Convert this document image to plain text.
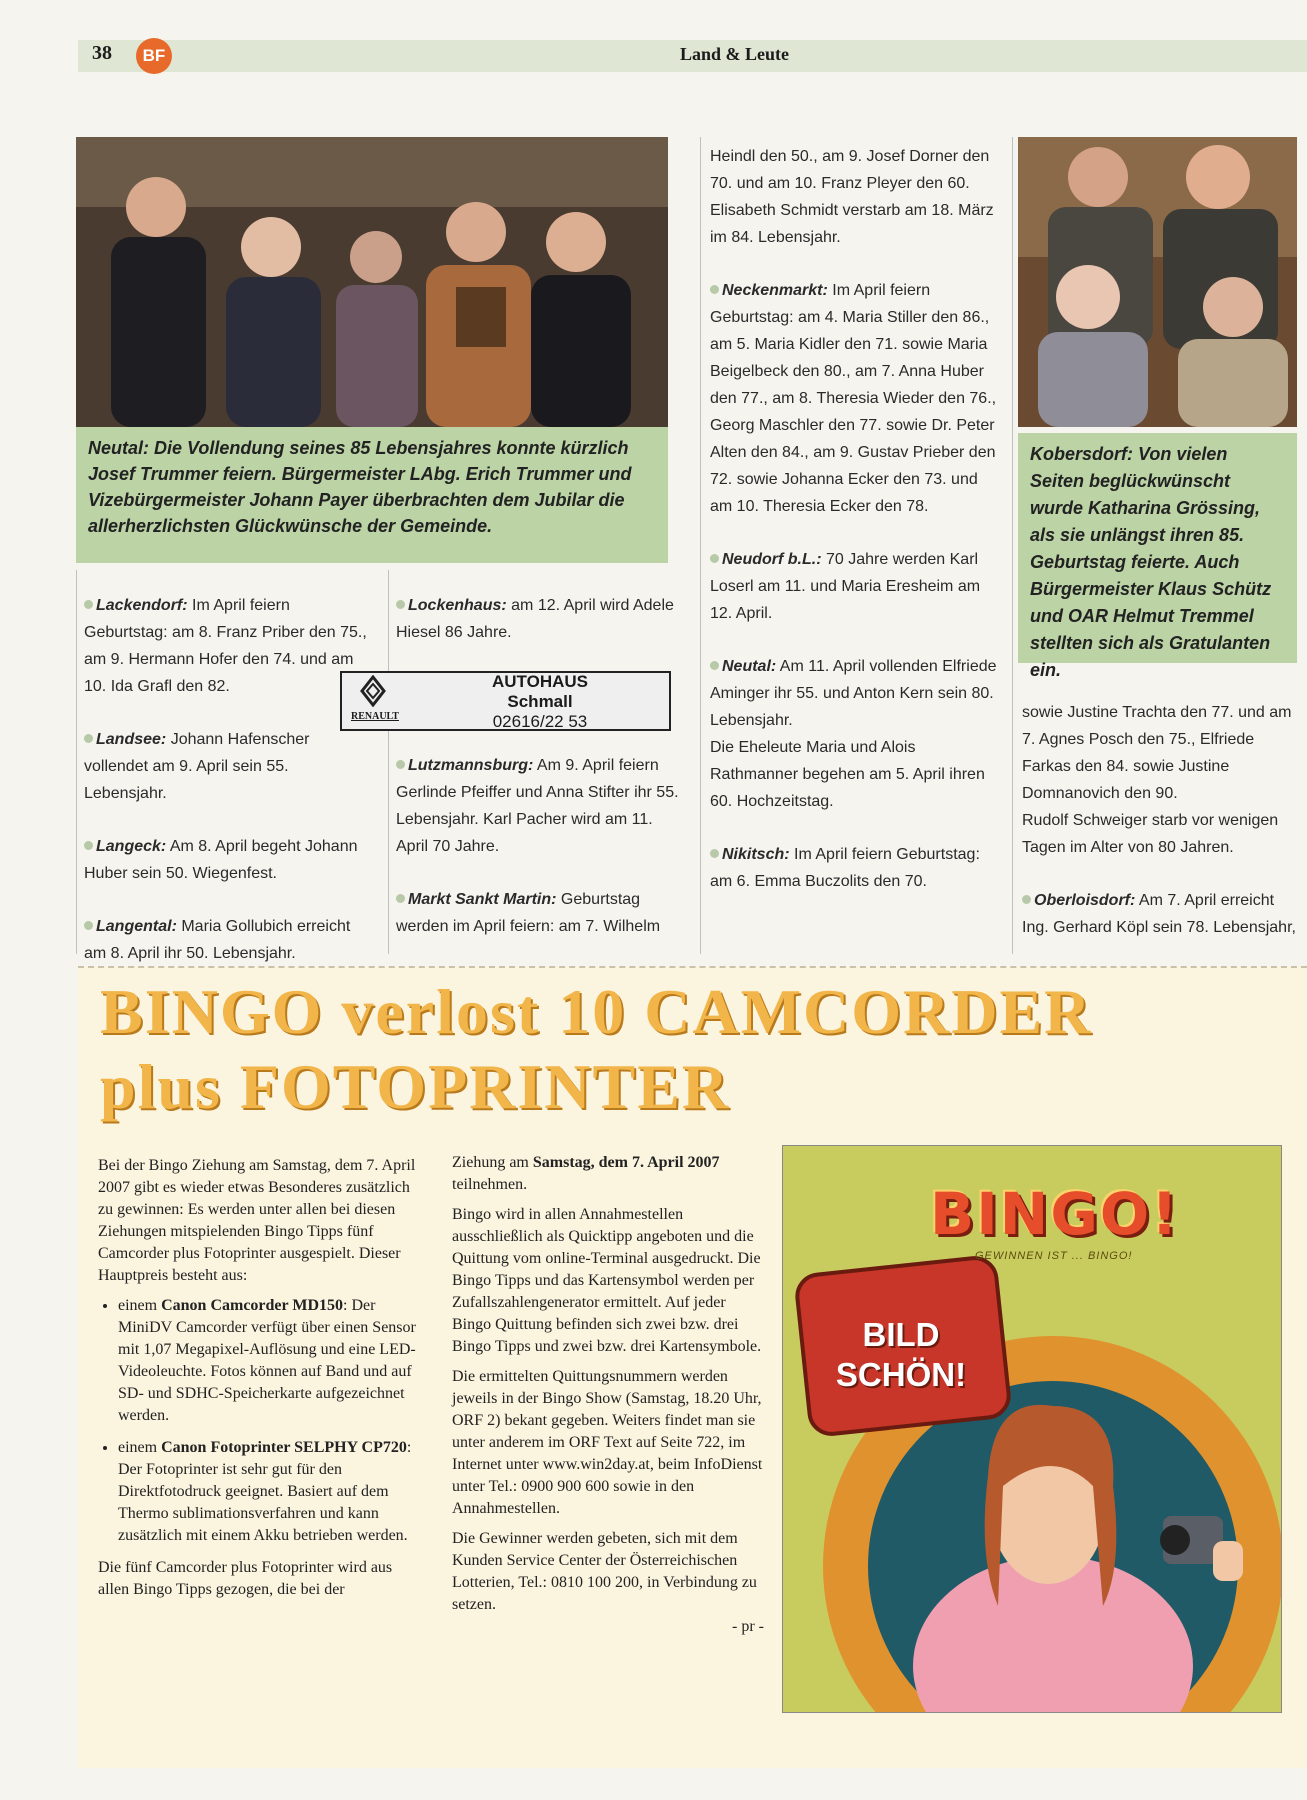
38	BF	Land & Leute
Neutal: Die Vollendung seines 85 Lebensjahres konnte kürzlich Josef Trummer feiern. Bürgermeister LAbg. Erich Trummer und Vizebürgermeister Johann Payer überbrachten dem Jubilar die allerherzlichsten Glückwünsche der Gemeinde.
Kobersdorf: Von vielen Seiten beglückwünscht wurde Katharina Grössing, als sie unlängst ihren 85. Geburtstag feierte. Auch Bürgermeister Klaus Schütz und OAR Helmut Tremmel stellten sich als Gratulanten ein.

Lackendorf: Im April feiern Geburtstag: am 8. Franz Priber den 75., am 9. Hermann Hofer den 74. und am 10. Ida Grafl den 82.

Landsee: Johann Hafenscher vollendet am 9. April sein 55. Lebensjahr.

Langeck: Am 8. April begeht Johann Huber sein 50. Wiegenfest.

Langental: Maria Gollubich erreicht am 8. April ihr 50. Lebensjahr.

Lockenhaus: am 12. April wird Adele Hiesel 86 Jahre.

RENAULT
AUTOHAUS
Schmall
02616/22 53

Lutzmannsburg: Am 9. April feiern Gerlinde Pfeiffer und Anna Stifter ihr 55. Lebensjahr. Karl Pacher wird am 11. April 70 Jahre.

Markt Sankt Martin: Geburtstag werden im April feiern: am 7. Wilhelm

Heindl den 50., am 9. Josef Dorner den 70. und am 10. Franz Pleyer den 60.

Elisabeth Schmidt verstarb am 18. März im 84. Lebensjahr.

Neckenmarkt: Im April feiern Geburtstag: am 4. Maria Stiller den 86., am 5. Maria Kidler den 71. sowie Maria Beigelbeck den 80., am 7. Anna Huber den 77., am 8. Theresia Wieder den 76., Georg Maschler den 77. sowie Dr. Peter Alten den 84., am 9. Gustav Prieber den 72. sowie Johanna Ecker den 73. und am 10. Theresia Ecker den 78.

Neudorf b.L.: 70 Jahre werden Karl Loserl am 11. und Maria Eresheim am 12. April.

Neutal: Am 11. April vollenden Elfriede Aminger ihr 55. und Anton Kern sein 80. Lebensjahr.

Die Eheleute Maria und Alois Rathmanner begehen am 5. April ihren 60. Hochzeitstag.

Nikitsch: Im April feiern Geburtstag: am 6. Emma Buczolits den 70.

sowie Justine Trachta den 77. und am 7. Agnes Posch den 75., Elfriede Farkas den 84. sowie Justine Domnanovich den 90.

Rudolf Schweiger starb vor wenigen Tagen im Alter von 80 Jahren.

Oberloisdorf: Am 7. April erreicht Ing. Gerhard Köpl sein 78. Lebensjahr,

BINGO verlost 10 CAMCORDER
plus FOTOPRINTER

Bei der Bingo Ziehung am Samstag, dem 7. April 2007 gibt es wieder etwas Besonderes zusätzlich zu gewinnen: Es werden unter allen bei diesen Ziehungen mitspielenden Bingo Tipps fünf Camcorder plus Fotoprinter ausgespielt. Dieser Hauptpreis besteht aus:

• einem Canon Camcorder MD150: Der MiniDV Camcorder verfügt über einen Sensor mit 1,07 Megapixel-Auflösung und eine LED-Videoleuchte. Fotos können auf Band und auf SD- und SDHC-Speicherkarte aufgezeichnet werden.
• einem Canon Fotoprinter SELPHY CP720: Der Fotoprinter ist sehr gut für den Direktfotodruck geeignet. Basiert auf dem Thermo sublimationsverfahren und kann zusätzlich mit einem Akku betrieben werden.

Die fünf Camcorder plus Fotoprinter wird aus allen Bingo Tipps gezogen, die bei der

Ziehung am Samstag, dem 7. April 2007 teilnehmen.

Bingo wird in allen Annahmestellen ausschließlich als Quicktipp angeboten und die Quittung vom online-Terminal ausgedruckt. Die Bingo Tipps und das Kartensymbol werden per Zufallszahlengenerator ermittelt. Auf jeder Bingo Quittung befinden sich zwei bzw. drei Bingo Tipps und zwei bzw. drei Kartensymbole.

Die ermittelten Quittungsnummern werden jeweils in der Bingo Show (Samstag, 18.20 Uhr, ORF 2) bekant gegeben. Weiters findet man sie unter anderem im ORF Text auf Seite 722, im Internet unter www.win2day.at, beim InfoDienst unter Tel.: 0900 900 600 sowie in den Annahmestellen.

Die Gewinner werden gebeten, sich mit dem Kunden Service Center der Österreichischen Lotterien, Tel.: 0810 100 200, in Verbindung zu setzen.

- pr -
BINGO!
GEWINNEN IST ... BINGO!
BILD SCHÖN!
